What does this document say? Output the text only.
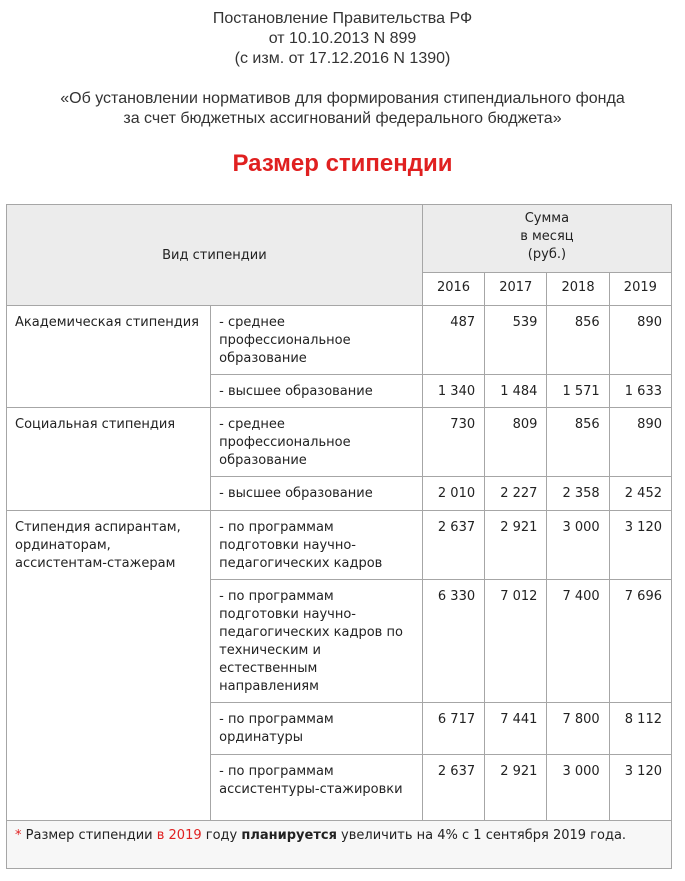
Постановление Правительства РФ
от 10.10.2013 N 899
(с изм. от 17.12.2016 N 1390)
«Об установлении нормативов для формирования стипендиального фонда
за счет бюджетных ассигнований федерального бюджета»
Размер стипендии
Вид стипендии		Сумма
в месяц
(руб.)			

		2016	2017	2018	2019
Академическая стипендия	- среднее профессиональное образование	487	539	856	890
	- высшее образование	1 340	1 484	1 571	1 633
Социальная стипендия	- среднее профессиональное образование	730	809	856	890
	- высшее образование	2 010	2 227	2 358	2 452
Стипендия аспирантам, ординаторам, ассистентам-стажерам	- по программам подготовки научно-педагогических кадров	2 637	2 921	3 000	3 120
	- по программам подготовки научно-педагогических кадров по техническим и естественным направлениям	6 330	7 012	7 400	7 696
	- по программам ординатуры	6 717	7 441	7 800	8 112
	- по программам ассистентуры-стажировки	2 637	2 921	3 000	3 120
* Размер стипендии в 2019 году планируется увеличить на 4% с 1 сентября 2019 года.
